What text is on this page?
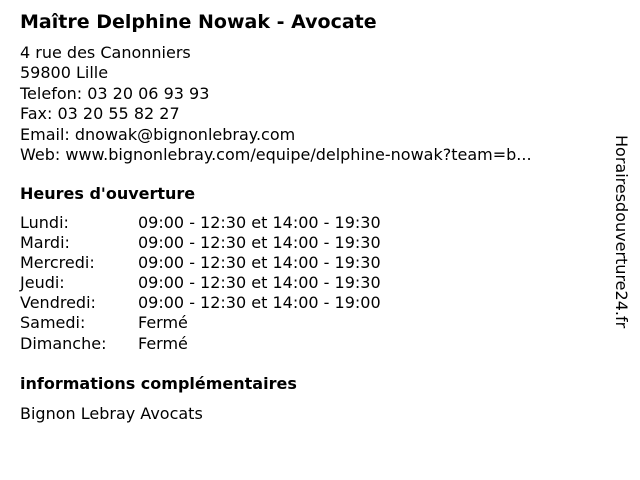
Maître Delphine Nowak - Avocate
4 rue des Canonniers
59800 Lille
Telefon: 03 20 06 93 93
Fax: 03 20 55 82 27
Email: dnowak@bignonlebray.com
Web: www.bignonlebray.com/equipe/delphine-nowak?team=b...
Heures d'ouverture
Lundi:	09:00 - 12:30 et 14:00 - 19:30
Mardi:	09:00 - 12:30 et 14:00 - 19:30
Mercredi:	09:00 - 12:30 et 14:00 - 19:30
Jeudi:	09:00 - 12:30 et 14:00 - 19:30
Vendredi:	09:00 - 12:30 et 14:00 - 19:00
Samedi:	Fermé
Dimanche:	Fermé
informations complémentaires
Bignon Lebray Avocats
Horairesdouverture24.fr
